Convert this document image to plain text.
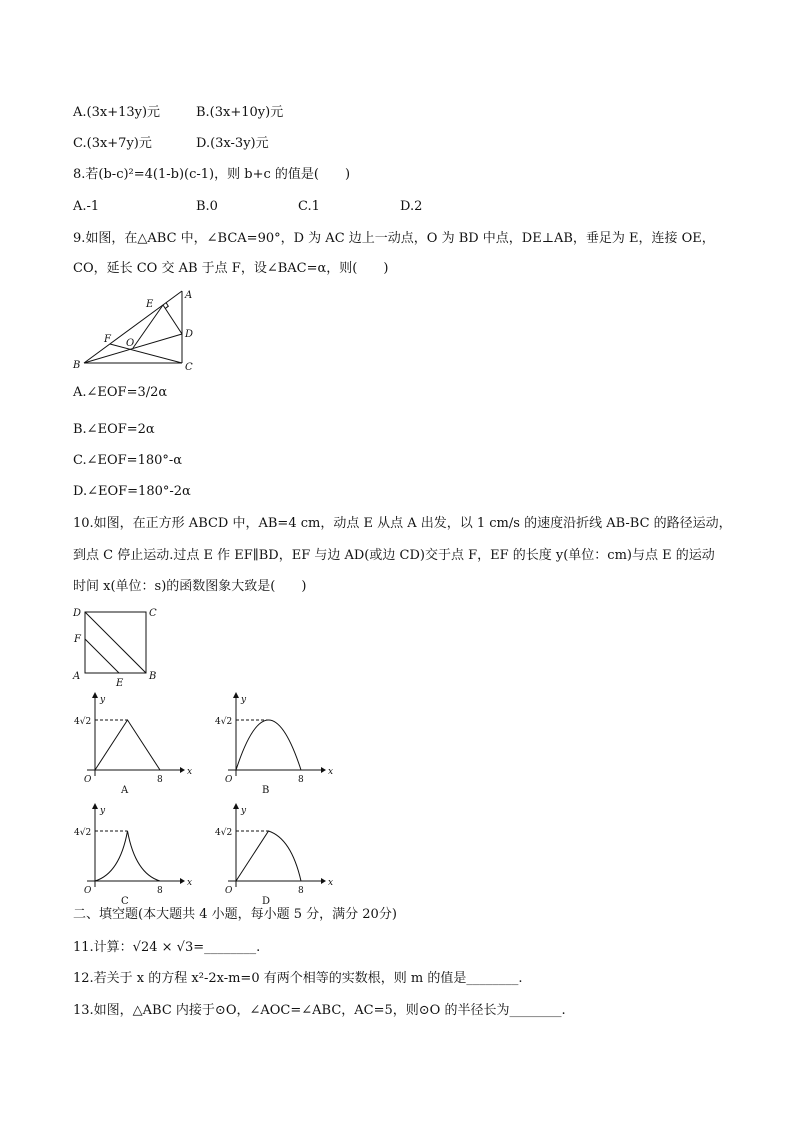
A.(3x+13y)元	B.(3x+10y)元
C.(3x+7y)元	D.(3x-3y)元
8.若(b-c)²=4(1-b)(c-1)，则 b+c 的值是(　　)
A.-1	B.0	C.1	D.2
9.如图，在△ABC 中，∠BCA=90°，D 为 AC 边上一动点，O 为 BD 中点，DE⊥AB，垂足为 E，连接 OE，
CO，延长 CO 交 AB 于点 F，设∠BAC=α，则(　　)
A
B	C
D
E
F O
A.∠EOF=3/2α
B.∠EOF=2α
C.∠EOF=180°-α
D.∠EOF=180°-2α
10.如图，在正方形 ABCD 中，AB=4 cm，动点 E 从点 A 出发，以 1 cm/s 的速度沿折线 AB-BC 的路径运动，
到点 C 停止运动.过点 E 作 EF∥BD，EF 与边 AD(或边 CD)交于点 F，EF 的长度 y(单位：cm)与点 E 的运动
时间 x(单位：s)的函数图象大致是(　　)
D	C
A	B
F
E
y
x
O	8
4√2
A
y
x
O	8
4√2
B
y
x
O	8
4√2
C
y
x
O	8
4√2
D
二、填空题(本大题共 4 小题，每小题 5 分，满分 20分)
11.计算：√24 × √3=________.
12.若关于 x 的方程 x²-2x-m=0 有两个相等的实数根，则 m 的值是________.
13.如图，△ABC 内接于⊙O，∠AOC=∠ABC，AC=5，则⊙O 的半径长为________.
